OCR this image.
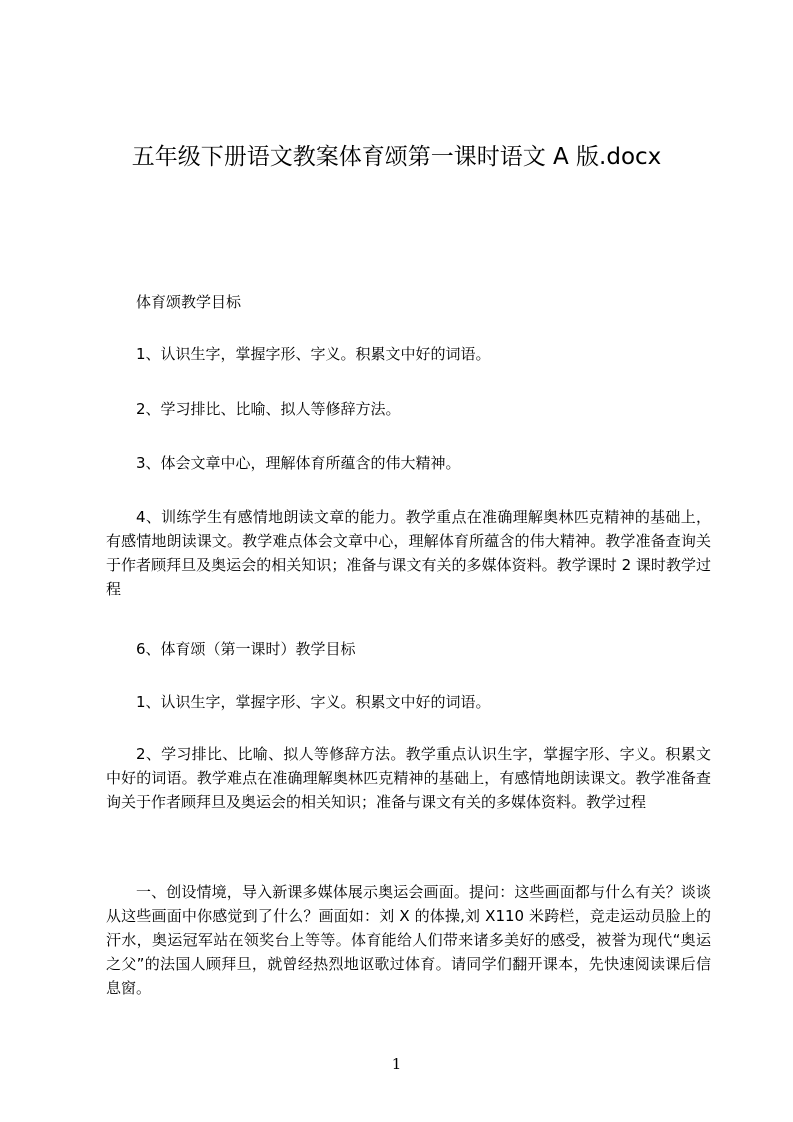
五年级下册语文教案体育颂第一课时语文 A 版.docx

体育颂教学目标

1、认识生字，掌握字形、字义。积累文中好的词语。

2、学习排比、比喻、拟人等修辞方法。

3、体会文章中心，理解体育所蕴含的伟大精神。

4、训练学生有感情地朗读文章的能力。教学重点在准确理解奥林匹克精神的基础上，有感情地朗读课文。教学难点体会文章中心，理解体育所蕴含的伟大精神。教学准备查询关于作者顾拜旦及奥运会的相关知识；准备与课文有关的多媒体资料。教学课时 2 课时教学过程

6、体育颂（第一课时）教学目标

1、认识生字，掌握字形、字义。积累文中好的词语。

2、学习排比、比喻、拟人等修辞方法。教学重点认识生字，掌握字形、字义。积累文中好的词语。教学难点在准确理解奥林匹克精神的基础上，有感情地朗读课文。教学准备查询关于作者顾拜旦及奥运会的相关知识；准备与课文有关的多媒体资料。教学过程

一、创设情境，导入新课多媒体展示奥运会画面。提问：这些画面都与什么有关？谈谈从这些画面中你感觉到了什么？画面如：刘 X 的体操,刘 X110 米跨栏，竞走运动员脸上的汗水，奥运冠军站在领奖台上等等。体育能给人们带来诸多美好的感受，被誉为现代“奥运之父”的法国人顾拜旦，就曾经热烈地讴歌过体育。请同学们翻开课本，先快速阅读课后信息窗。

1
